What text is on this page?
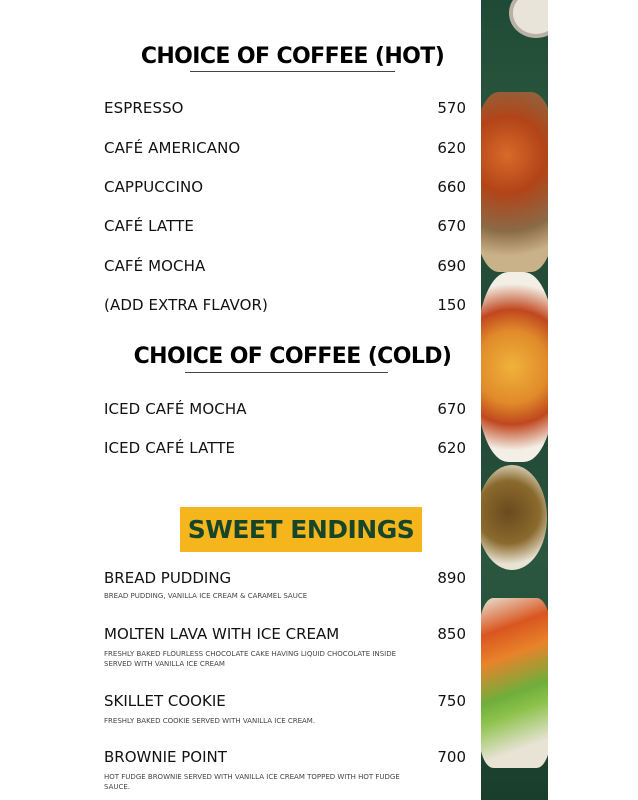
CHOICE OF COFFEE (HOT)
ESPRESSO	570
CAFÉ AMERICANO	620
CAPPUCCINO	660
CAFÉ LATTE	670
CAFÉ MOCHA	690
(ADD EXTRA FLAVOR)	150
CHOICE OF COFFEE (COLD)
ICED CAFÉ MOCHA	670
ICED CAFÉ LATTE	620
SWEET ENDINGS
BREAD PUDDING	890
BREAD PUDDING, VANILLA ICE CREAM & CARAMEL SAUCE
MOLTEN LAVA WITH ICE CREAM	850
FRESHLY BAKED FLOURLESS CHOCOLATE CAKE HAVING LIQUID CHOCOLATE INSIDE SERVED WITH VANILLA ICE CREAM
SKILLET COOKIE	750
FRESHLY BAKED COOKIE SERVED WITH VANILLA ICE CREAM.
BROWNIE POINT	700
HOT FUDGE BROWNIE SERVED WITH VANILLA ICE CREAM TOPPED WITH HOT FUDGE SAUCE.
